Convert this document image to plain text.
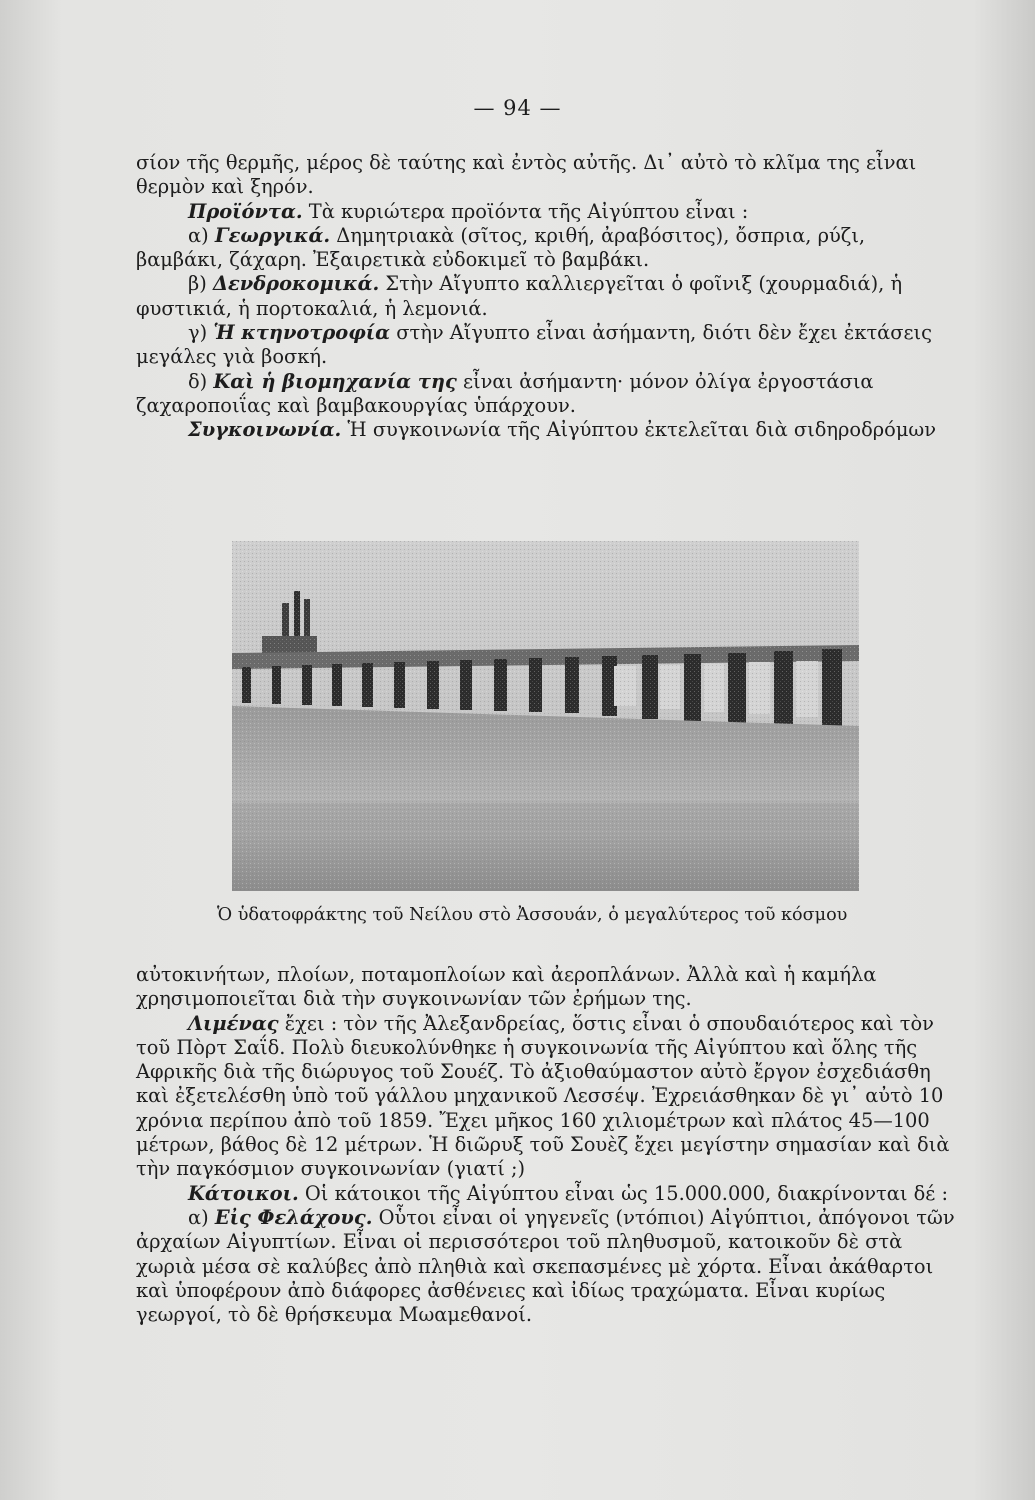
— 94 —

σίον τῆς θερμῆς, μέρος δὲ ταύτης καὶ ἐντὸς αὐτῆς. Δι᾽ αὐτὸ τὸ κλῖμα της εἶναι θερμὸν καὶ ξηρόν.

Προϊόντα. Τὰ κυριώτερα προϊόντα τῆς Αἰγύπτου εἶναι :

α) Γεωργικά. Δημητριακὰ (σῖτος, κριθή, ἀραβόσιτος), ὄσπρια, ρύζι, βαμβάκι, ζάχαρη. Ἐξαιρετικὰ εὐδοκιμεῖ τὸ βαμβάκι.

β) Δενδροκομικά. Στὴν Αἴγυπτο καλλιεργεῖται ὁ φοῖνιξ (χουρμαδιά), ἡ φυστικιά, ἡ πορτοκαλιά, ἡ λεμονιά.

γ) Ἡ κτηνοτροφία στὴν Αἴγυπτο εἶναι ἀσήμαντη, διότι δὲν ἔχει ἐκτάσεις μεγάλες γιὰ βοσκή.

δ) Καὶ ἡ βιομηχανία της εἶναι ἀσήμαντη· μόνον ὀλίγα ἐργοστάσια ζαχαροποιΐας καὶ βαμβακουργίας ὑπάρχουν.

Συγκοινωνία. Ἡ συγκοινωνία τῆς Αἰγύπτου ἐκτελεῖται διὰ σιδηροδρόμων

Ὁ ὑδατοφράκτης τοῦ Νείλου στὸ Ἀσσουάν, ὁ μεγαλύτερος τοῦ κόσμου

αὐτοκινήτων, πλοίων, ποταμοπλοίων καὶ ἀεροπλάνων. Ἀλλὰ καὶ ἡ καμήλα χρησιμοποιεῖται διὰ τὴν συγκοινωνίαν τῶν ἐρήμων της.

Λιμένας ἔχει : τὸν τῆς Ἀλεξανδρείας, ὅστις εἶναι ὁ σπουδαιότερος καὶ τὸν τοῦ Πὸρτ Σαΐδ. Πολὺ διευκολύνθηκε ἡ συγκοινωνία τῆς Αἰγύπτου καὶ ὅλης τῆς Αφρικῆς διὰ τῆς διώρυγος τοῦ Σουέζ. Τὸ ἀξιοθαύμαστον αὐτὸ ἔργον ἐσχεδιάσθη καὶ ἐξετελέσθη ὑπὸ τοῦ γάλλου μηχανικοῦ Λεσσέψ. Ἐχρειάσθηκαν δὲ γι᾽ αὐτὸ 10 χρόνια περίπου ἀπὸ τοῦ 1859. Ἔχει μῆκος 160 χιλιομέτρων καὶ πλάτος 45—100 μέτρων, βάθος δὲ 12 μέτρων. Ἡ διῶρυξ τοῦ Σουὲζ ἔχει μεγίστην σημασίαν καὶ διὰ τὴν παγκόσμιον συγκοινωνίαν (γιατί ;)

Κάτοικοι. Οἱ κάτοικοι τῆς Αἰγύπτου εἶναι ὡς 15.000.000, διακρίνονται δέ :

α) Εἰς Φελάχους. Οὗτοι εἶναι οἱ γηγενεῖς (ντόπιοι) Αἰγύπτιοι, ἀπόγονοι τῶν ἀρχαίων Αἰγυπτίων. Εἶναι οἱ περισσότεροι τοῦ πληθυσμοῦ, κατοικοῦν δὲ στὰ χωριὰ μέσα σὲ καλύβες ἀπὸ πληθιὰ καὶ σκεπασμένες μὲ χόρτα. Εἶναι ἀκάθαρτοι καὶ ὑποφέρουν ἀπὸ διάφορες ἀσθένειες καὶ ἰδίως τραχώματα. Εἶναι κυρίως γεωργοί, τὸ δὲ θρήσκευμα Μωαμεθανοί.
